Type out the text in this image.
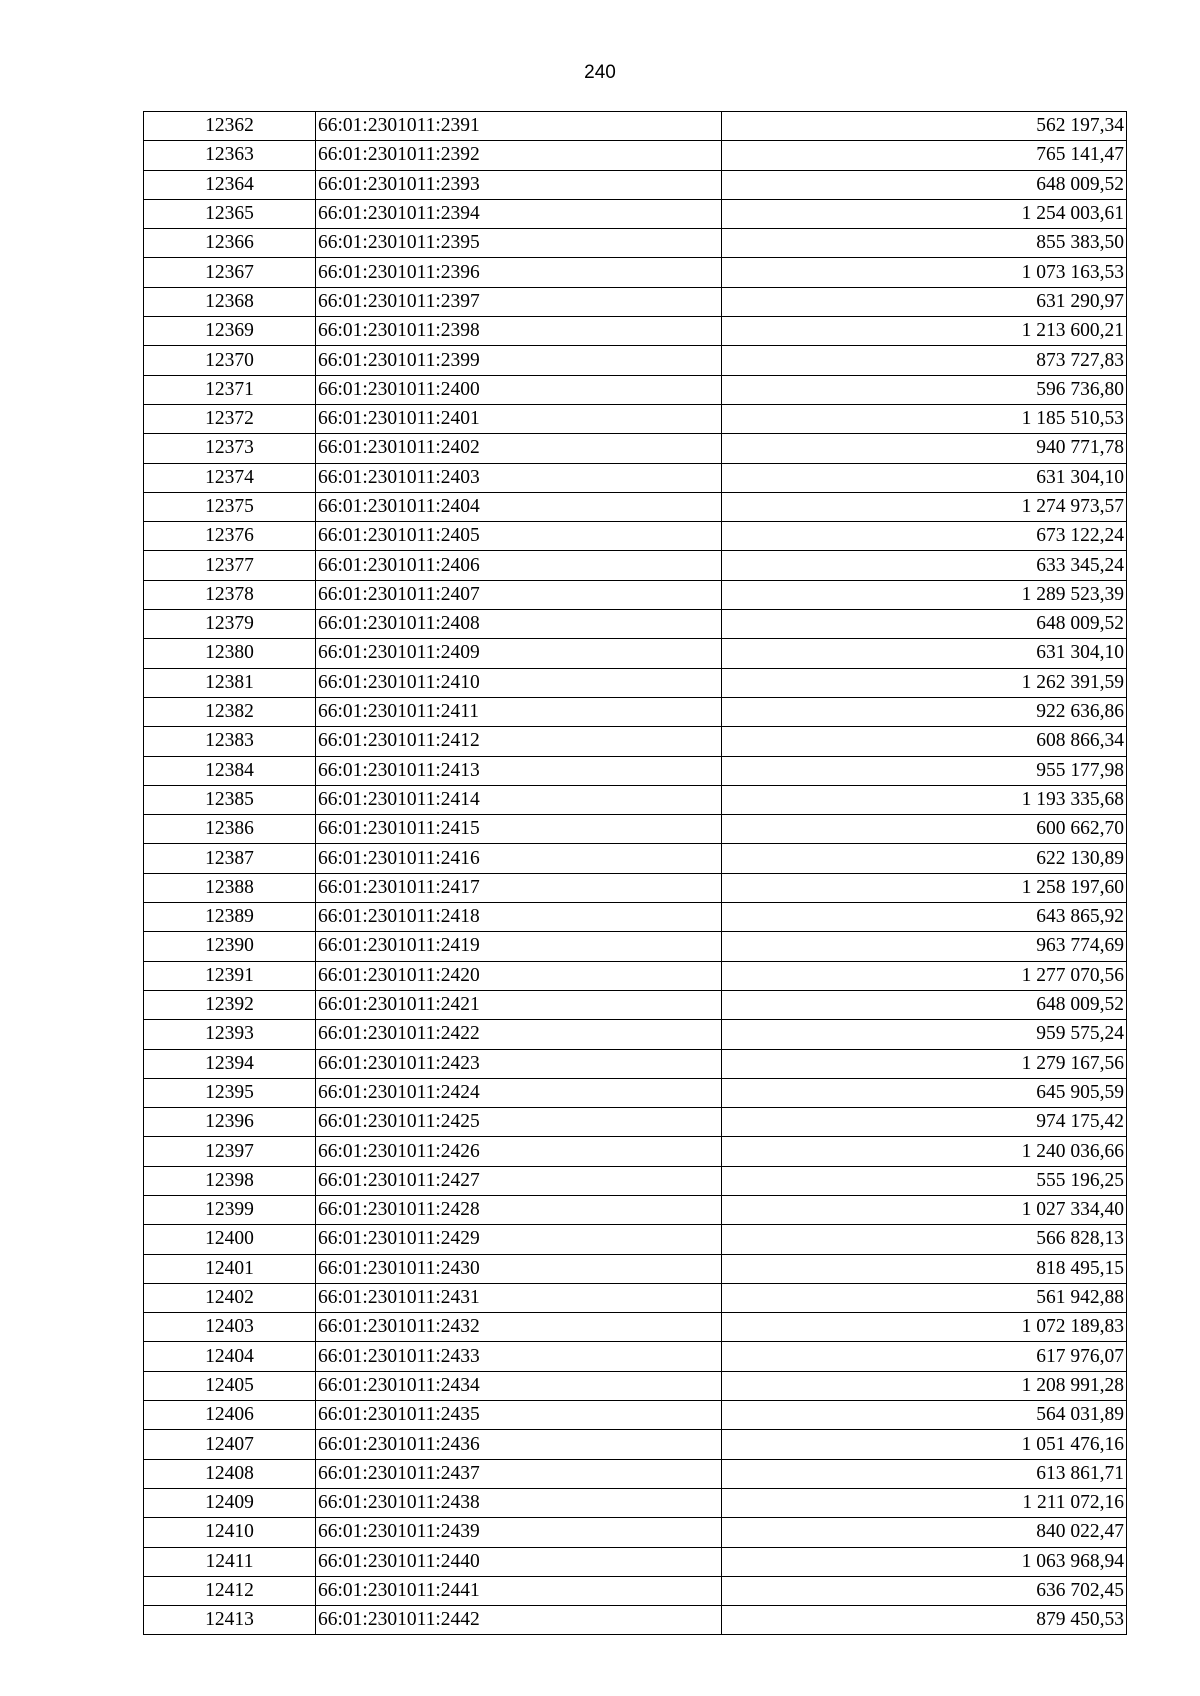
240
12362	66:01:2301011:2391	562 197,34
12363	66:01:2301011:2392	765 141,47
12364	66:01:2301011:2393	648 009,52
12365	66:01:2301011:2394	1 254 003,61
12366	66:01:2301011:2395	855 383,50
12367	66:01:2301011:2396	1 073 163,53
12368	66:01:2301011:2397	631 290,97
12369	66:01:2301011:2398	1 213 600,21
12370	66:01:2301011:2399	873 727,83
12371	66:01:2301011:2400	596 736,80
12372	66:01:2301011:2401	1 185 510,53
12373	66:01:2301011:2402	940 771,78
12374	66:01:2301011:2403	631 304,10
12375	66:01:2301011:2404	1 274 973,57
12376	66:01:2301011:2405	673 122,24
12377	66:01:2301011:2406	633 345,24
12378	66:01:2301011:2407	1 289 523,39
12379	66:01:2301011:2408	648 009,52
12380	66:01:2301011:2409	631 304,10
12381	66:01:2301011:2410	1 262 391,59
12382	66:01:2301011:2411	922 636,86
12383	66:01:2301011:2412	608 866,34
12384	66:01:2301011:2413	955 177,98
12385	66:01:2301011:2414	1 193 335,68
12386	66:01:2301011:2415	600 662,70
12387	66:01:2301011:2416	622 130,89
12388	66:01:2301011:2417	1 258 197,60
12389	66:01:2301011:2418	643 865,92
12390	66:01:2301011:2419	963 774,69
12391	66:01:2301011:2420	1 277 070,56
12392	66:01:2301011:2421	648 009,52
12393	66:01:2301011:2422	959 575,24
12394	66:01:2301011:2423	1 279 167,56
12395	66:01:2301011:2424	645 905,59
12396	66:01:2301011:2425	974 175,42
12397	66:01:2301011:2426	1 240 036,66
12398	66:01:2301011:2427	555 196,25
12399	66:01:2301011:2428	1 027 334,40
12400	66:01:2301011:2429	566 828,13
12401	66:01:2301011:2430	818 495,15
12402	66:01:2301011:2431	561 942,88
12403	66:01:2301011:2432	1 072 189,83
12404	66:01:2301011:2433	617 976,07
12405	66:01:2301011:2434	1 208 991,28
12406	66:01:2301011:2435	564 031,89
12407	66:01:2301011:2436	1 051 476,16
12408	66:01:2301011:2437	613 861,71
12409	66:01:2301011:2438	1 211 072,16
12410	66:01:2301011:2439	840 022,47
12411	66:01:2301011:2440	1 063 968,94
12412	66:01:2301011:2441	636 702,45
12413	66:01:2301011:2442	879 450,53
